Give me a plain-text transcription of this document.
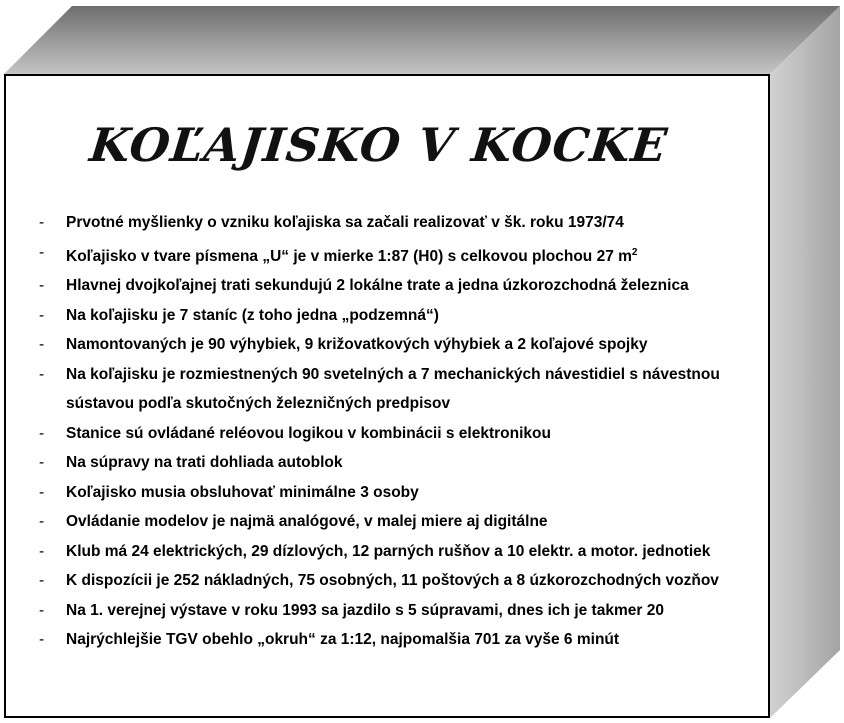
KOĽAJISKO V KOCKE
- Prvotné myšlienky o vzniku koľajiska sa začali realizovať v šk. roku 1973/74
- Koľajisko v tvare písmena „U“ je v mierke 1:87 (H0) s celkovou plochou 27 $m^2$
- Hlavnej dvojkoľajnej trati sekundujú 2 lokálne trate a jedna úzkorozchodná železnica
- Na koľajisku je 7 staníc (z toho jedna „podzemná“)
- Namontovaných je 90 výhybiek, 9 križovatkových výhybiek a 2 koľajové spojky
- Na koľajisku je rozmiestnených 90 svetelných a 7 mechanických návestidiel s návestnou
sústavou podľa skutočných železničných predpisov
- Stanice sú ovládané reléovou logikou v kombinácii s elektronikou
- Na súpravy na trati dohliada autoblok
- Koľajisko musia obsluhovať minimálne 3 osoby
- Ovládanie modelov je najmä analógové, v malej miere aj digitálne
- Klub má 24 elektrických, 29 dízlových, 12 parných rušňov a 10 elektr. a motor. jednotiek
- K dispozícii je 252 nákladných, 75 osobných, 11 poštových a 8 úzkorozchodných vozňov
- Na 1. verejnej výstave v roku 1993 sa jazdilo s 5 súpravami, dnes ich je takmer 20
- Najrýchlejšie TGV obehlo „okruh“ za 1:12, najpomalšia 701 za vyše 6 minút
